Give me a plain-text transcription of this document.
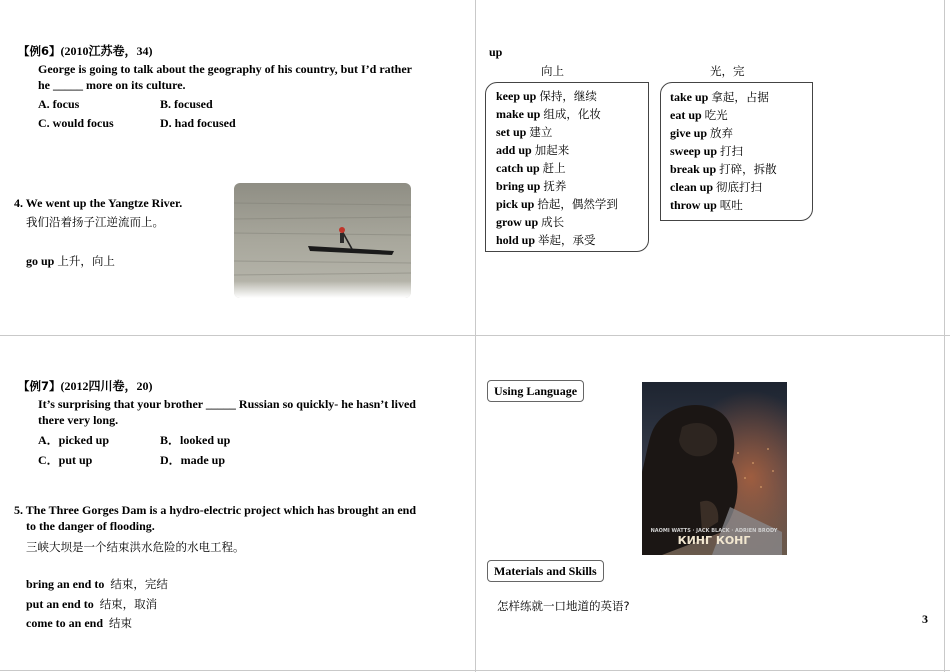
【例6】(2010江苏卷，34)
George is going to talk about the geography of his country, but I’d rather
he _____ more on its culture.
A. focus	B. focused
C. would focus	D. had focused
4. We went up the Yangtze River.
我们沿着扬子江逆流而上。
go up 上升，向上
up
向上	光，完
keep up 保持，继续
make up 组成，化妆
set up 建立
add up 加起来
catch up 赶上
bring up 抚养
pick up 拾起，偶然学到
grow up 成长
hold up 举起，承受
take up 拿起，占据
eat up 吃光
give up 放弃
sweep up 打扫
break up 打碎，拆散
clean up 彻底打扫
throw up 呕吐
【例7】(2012四川卷，20)
It’s surprising that your brother _____ Russian so quickly- he hasn’t lived
there very long.
A．picked up	B．looked up
C．put up	D．made up
5. The Three Gorges Dam is a hydro-electric project which has brought an end
to the danger of flooding.
三峡大坝是一个结束洪水危险的水电工程。
bring an end to 结束，完结
put an end to 结束，取消
come to an end 结束
Using Language
NAOMI WATTS · JACK BLACK · ADRIEN BRODY
КИНГ КОНГ
Materials and Skills
怎样练就一口地道的英语?
3
